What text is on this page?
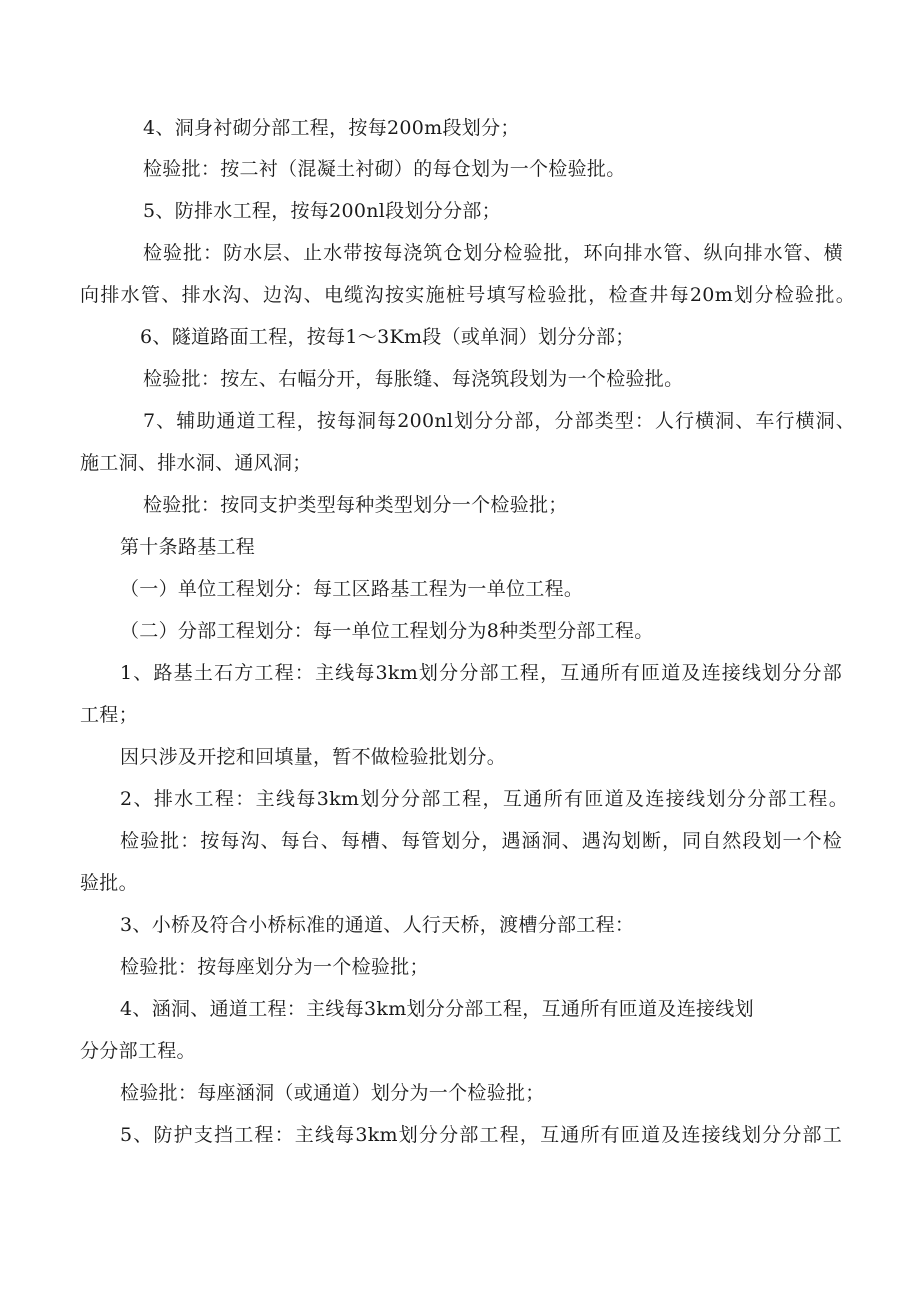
4、洞身衬砌分部工程，按每200m段划分；
检验批：按二衬（混凝土衬砌）的每仓划为一个检验批。
5、防排水工程，按每200nl段划分分部；
检验批：防水层、止水带按每浇筑仓划分检验批，环向排水管、纵向排水管、横
向排水管、排水沟、边沟、电缆沟按实施桩号填写检验批，检查井每20m划分检验批。
6、隧道路面工程，按每1～3Km段（或单洞）划分分部；
检验批：按左、右幅分开，每胀缝、每浇筑段划为一个检验批。
7、辅助通道工程，按每洞每200nl划分分部，分部类型：人行横洞、车行横洞、
施工洞、排水洞、通风洞；
检验批：按同支护类型每种类型划分一个检验批；
第十条路基工程
（一）单位工程划分：每工区路基工程为一单位工程。
（二）分部工程划分：每一单位工程划分为8种类型分部工程。
1、路基土石方工程：主线每3km划分分部工程，互通所有匝道及连接线划分分部
工程；
因只涉及开挖和回填量，暂不做检验批划分。
2、排水工程：主线每3km划分分部工程，互通所有匝道及连接线划分分部工程。
检验批：按每沟、每台、每槽、每管划分，遇涵洞、遇沟划断，同自然段划一个检
验批。
3、小桥及符合小桥标准的通道、人行天桥，渡槽分部工程：
检验批：按每座划分为一个检验批；
4、涵洞、通道工程：主线每3km划分分部工程，互通所有匝道及连接线划
分分部工程。
检验批：每座涵洞（或通道）划分为一个检验批；
5、防护支挡工程：主线每3km划分分部工程，互通所有匝道及连接线划分分部工
